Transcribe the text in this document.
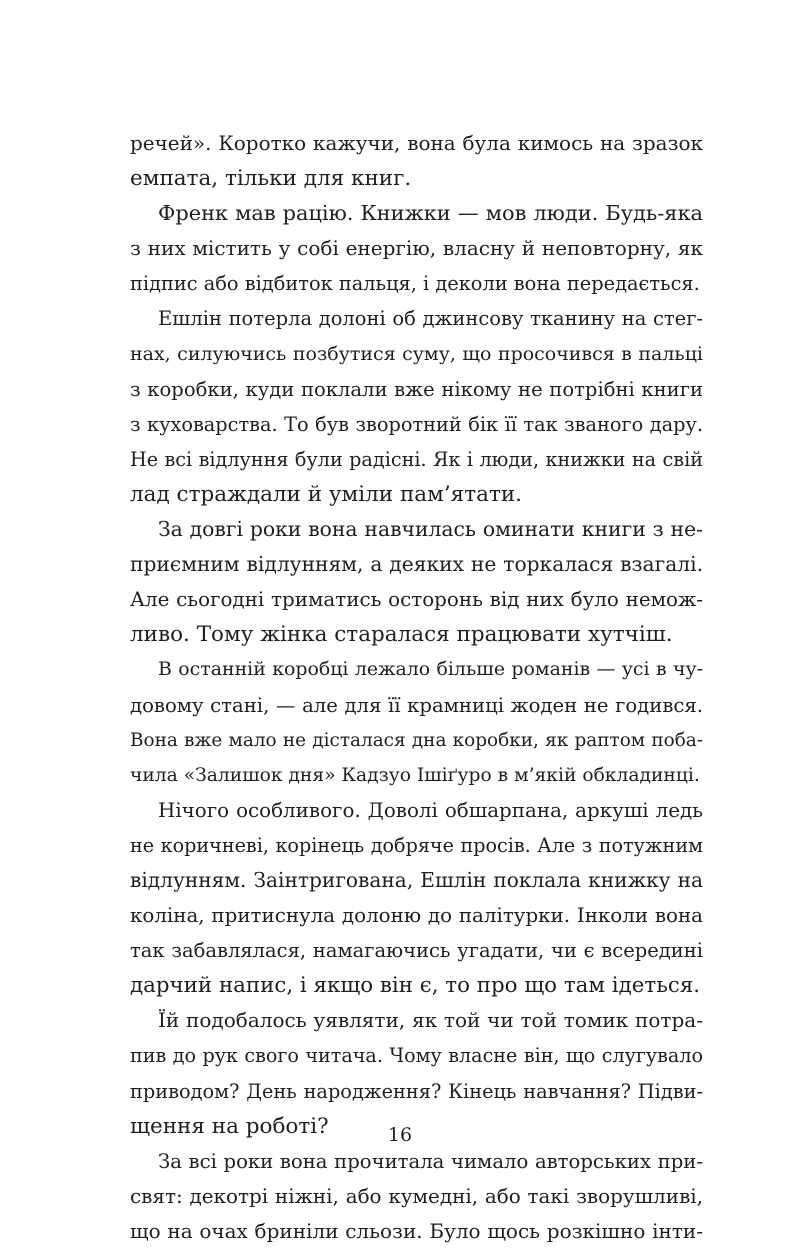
речей». Коротко кажучи, вона була кимось на зразок
емпата, тільки для книг.
Френк мав рацію. Книжки — мов люди. Будь-яка
з них містить у собі енергію, власну й неповторну, як
підпис або відбиток пальця, і деколи вона передається.
Ешлін потерла долоні об джинсову тканину на стег-
нах, силуючись позбутися суму, що просочився в пальці
з коробки, куди поклали вже нікому не потрібні книги
з куховарства. То був зворотний бік її так званого дару.
Не всі відлуння були радісні. Як і люди, книжки на свій
лад страждали й уміли пам’ятати.
За довгі роки вона навчилась оминати книги з не-
приємним відлунням, а деяких не торкалася взагалі.
Але сьогодні триматись осторонь від них було немож-
ливо. Тому жінка старалася працювати хутчіш.
В останній коробці лежало більше романів — усі в чу-
довому стані, — але для її крамниці жоден не годився.
Вона вже мало не дісталася дна коробки, як раптом поба-
чила «Залишок дня» Кадзуо Ішіґуро в м’якій обкладинці.
Нічого особливого. Доволі обшарпана, аркуші ледь
не коричневі, корінець добряче просів. Але з потужним
відлунням. Заінтригована, Ешлін поклала книжку на
коліна, притиснула долоню до палітурки. Інколи вона
так забавлялася, намагаючись угадати, чи є всередині
дарчий напис, і якщо він є, то про що там ідеться.
Їй подобалось уявляти, як той чи той томик потра-
пив до рук свого читача. Чому власне він, що слугувало
приводом? День народження? Кінець навчання? Підви-
щення на роботі?
За всі роки вона прочитала чимало авторських при-
свят: декотрі ніжні, або кумедні, або такі зворушливі,
що на очах бриніли сльози. Було щось розкішно інти-
16
